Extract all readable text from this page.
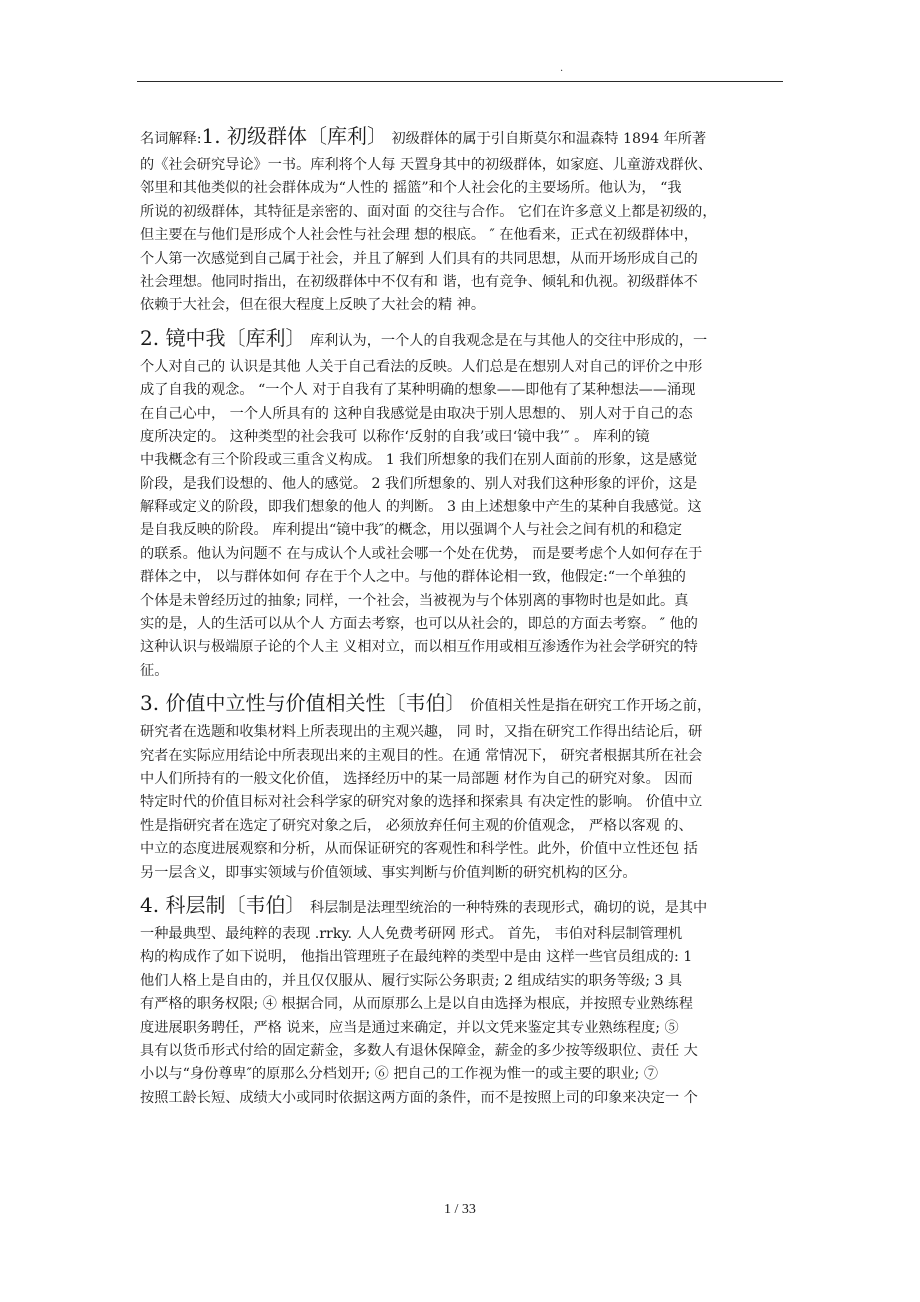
.
名词解释:1. 初级群体〔库利〕 初级群体的属于引自斯莫尔和温森特 1894 年所著
的《社会研究导论》一书。库利将个人每 天置身其中的初级群体，如家庭、儿童游戏群伙、
邻里和其他类似的社会群体成为“人性的 摇篮”和个人社会化的主要场所。他认为， “我
所说的初级群体，其特征是亲密的、面对面 的交往与合作。 它们在许多意义上都是初级的，
但主要在与他们是形成个人社会性与社会理 想的根底。 ″ 在他看来，正式在初级群体中，
个人第一次感觉到自己属于社会，并且了解到 人们具有的共同思想，从而开场形成自己的
社会理想。他同时指出，在初级群体中不仅有和 谐，也有竞争、倾轧和仇视。初级群体不
依赖于大社会，但在很大程度上反映了大社会的精 神。
2. 镜中我〔库利〕 库利认为，一个人的自我观念是在与其他人的交往中形成的，一
个人对自己的 认识是其他 人关于自己看法的反映。人们总是在想别人对自己的评价之中形
成了自我的观念。 “一个人 对于自我有了某种明确的想象——即他有了某种想法——涌现
在自己心中， 一个人所具有的 这种自我感觉是由取决于别人思想的、 别人对于自己的态
度所决定的。 这种类型的社会我可 以称作‘反射的自我’或曰‘镜中我’″ 。 库利的镜
中我概念有三个阶段或三重含义构成。 1 我们所想象的我们在别人面前的形象，这是感觉
阶段，是我们设想的、他人的感觉。 2 我们所想象的、别人对我们这种形象的评价，这是
解释或定义的阶段，即我们想象的他人 的判断。 3 由上述想象中产生的某种自我感觉。这
是自我反映的阶段。 库利提出“镜中我″的概念，用以强调个人与社会之间有机的和稳定
的联系。他认为问题不 在与成认个人或社会哪一个处在优势， 而是要考虑个人如何存在于
群体之中， 以与群体如何 存在于个人之中。与他的群体论相一致，他假定:“一个单独的
个体是未曾经历过的抽象; 同样，一个社会，当被视为与个体别离的事物时也是如此。真
实的是，人的生活可以从个人 方面去考察，也可以从社会的，即总的方面去考察。 ″ 他的
这种认识与极端原子论的个人主 义相对立，而以相互作用或相互渗透作为社会学研究的特
征。
3. 价值中立性与价值相关性〔韦伯〕 价值相关性是指在研究工作开场之前，
研究者在选题和收集材料上所表现出的主观兴趣， 同 时，又指在研究工作得出结论后，研
究者在实际应用结论中所表现出来的主观目的性。在通 常情况下， 研究者根据其所在社会
中人们所持有的一般文化价值， 选择经历中的某一局部题 材作为自己的研究对象。 因而
特定时代的价值目标对社会科学家的研究对象的选择和探索具 有决定性的影响。 价值中立
性是指研究者在选定了研究对象之后， 必须放弃任何主观的价值观念， 严格以客观 的、
中立的态度进展观察和分析，从而保证研究的客观性和科学性。此外，价值中立性还包 括
另一层含义，即事实领域与价值领域、事实判断与价值判断的研究机构的区分。
4. 科层制〔韦伯〕 科层制是法理型统治的一种特殊的表现形式，确切的说，是其中
一种最典型、最纯粹的表现 .rrky. 人人免费考研网 形式。 首先， 韦伯对科层制管理机
构的构成作了如下说明， 他指出管理班子在最纯粹的类型中是由 这样一些官员组成的: 1
他们人格上是自由的，并且仅仅服从、履行实际公务职责; 2 组成结实的职务等级; 3 具
有严格的职务权限; ④ 根据合同，从而原那么上是以自由选择为根底，并按照专业熟练程
度进展职务聘任，严格 说来，应当是通过来确定，并以文凭来鉴定其专业熟练程度; ⑤
具有以货币形式付给的固定薪金，多数人有退休保障金，薪金的多少按等级职位、责任 大
小以与“身份尊卑″的原那么分档划开; ⑥ 把自己的工作视为惟一的或主要的职业; ⑦
按照工龄长短、成绩大小或同时依据这两方面的条件，而不是按照上司的印象来决定一 个
1 / 33
